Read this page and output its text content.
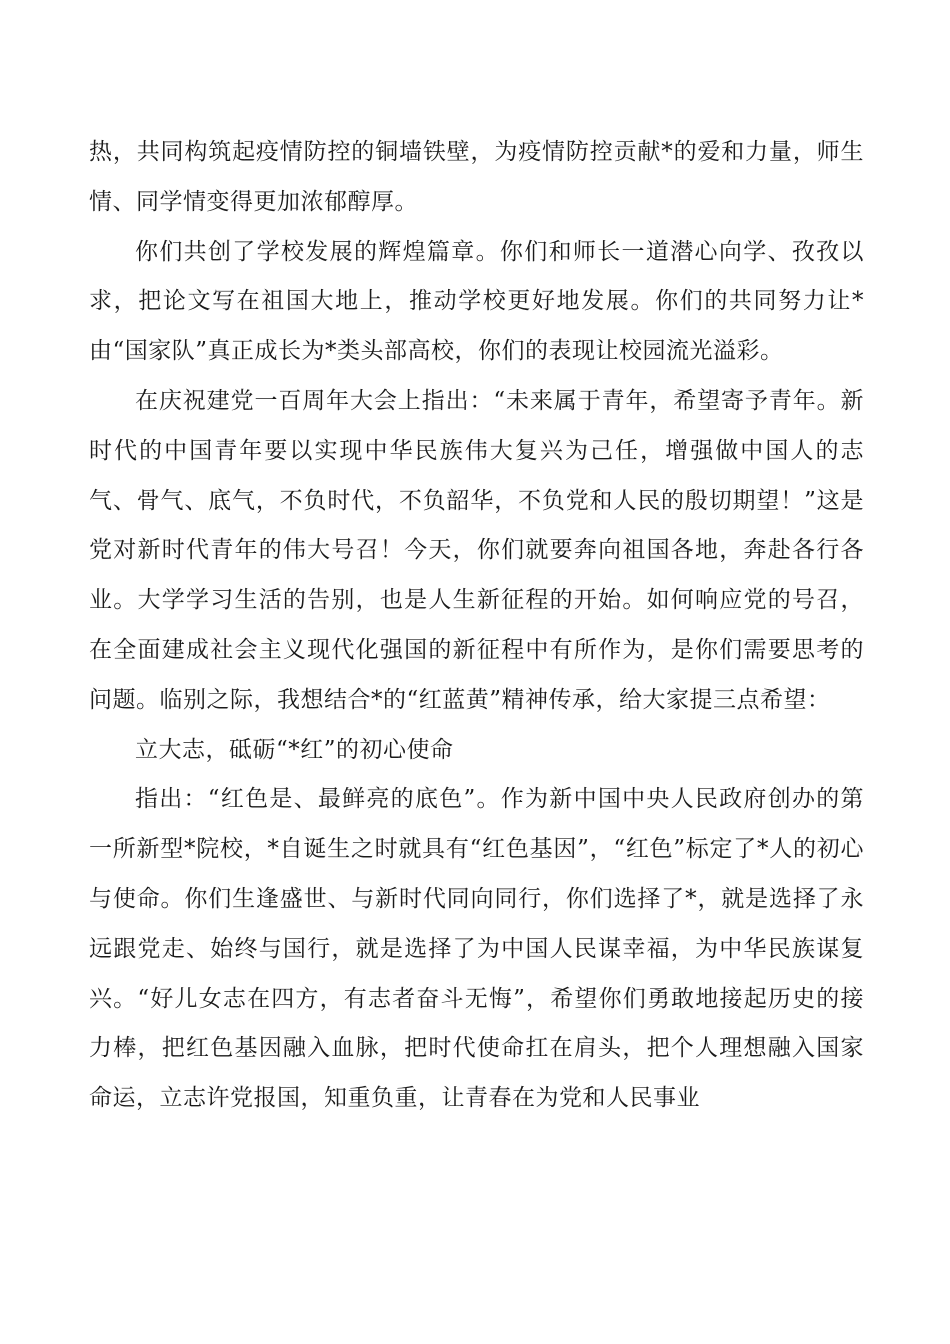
热，共同构筑起疫情防控的铜墙铁壁，为疫情防控贡献*的爱和力量，师生情、同学情变得更加浓郁醇厚。

你们共创了学校发展的辉煌篇章。你们和师长一道潜心向学、孜孜以求，把论文写在祖国大地上，推动学校更好地发展。你们的共同努力让*由“国家队”真正成长为*类头部高校，你们的表现让校园流光溢彩。

在庆祝建党一百周年大会上指出：“未来属于青年，希望寄予青年。新时代的中国青年要以实现中华民族伟大复兴为己任，增强做中国人的志气、骨气、底气，不负时代，不负韶华，不负党和人民的殷切期望！”这是党对新时代青年的伟大号召！今天，你们就要奔向祖国各地，奔赴各行各业。大学学习生活的告别，也是人生新征程的开始。如何响应党的号召，在全面建成社会主义现代化强国的新征程中有所作为，是你们需要思考的问题。临别之际，我想结合*的“红蓝黄”精神传承，给大家提三点希望：

立大志，砥砺“*红”的初心使命

指出：“红色是、最鲜亮的底色”。作为新中国中央人民政府创办的第一所新型*院校，*自诞生之时就具有“红色基因”，“红色”标定了*人的初心与使命。你们生逢盛世、与新时代同向同行，你们选择了*，就是选择了永远跟党走、始终与国行，就是选择了为中国人民谋幸福，为中华民族谋复兴。“好儿女志在四方，有志者奋斗无悔”，希望你们勇敢地接起历史的接力棒，把红色基因融入血脉，把时代使命扛在肩头，把个人理想融入国家命运，立志许党报国，知重负重，让青春在为党和人民事业
